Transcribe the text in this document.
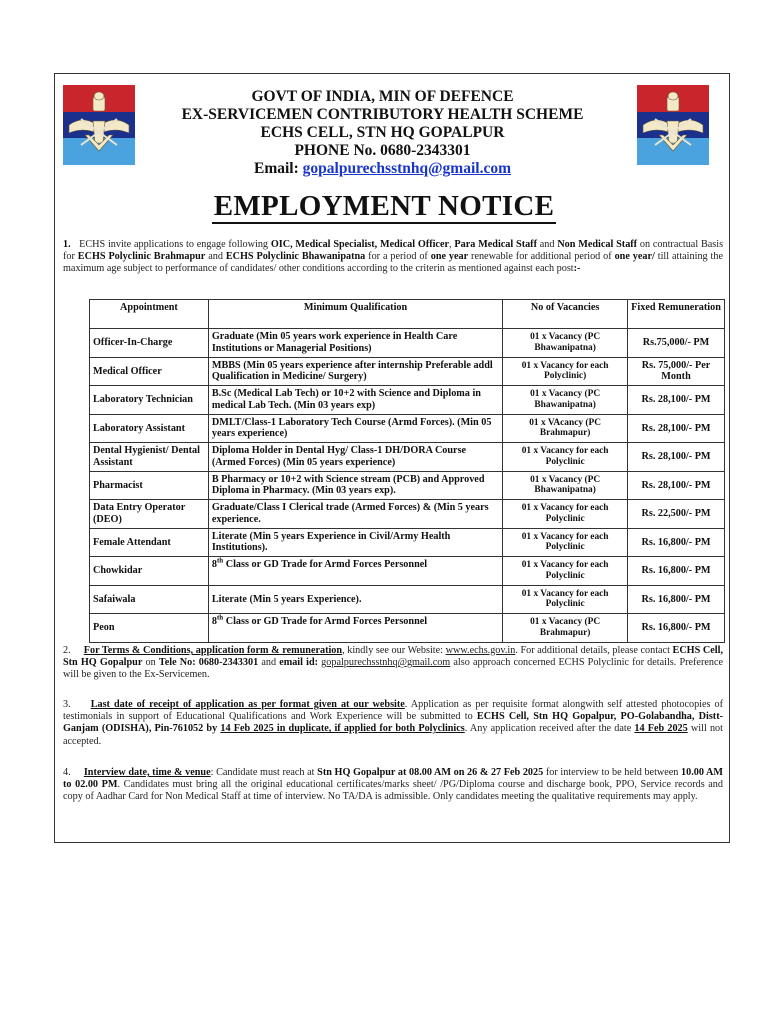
GOVT OF INDIA, MIN OF DEFENCE
EX-SERVICEMEN CONTRIBUTORY HEALTH SCHEME
ECHS CELL, STN HQ GOPALPUR
PHONE No. 0680-2343301
Email: gopalpurechsstnhq@gmail.com
EMPLOYMENT NOTICE
1. ECHS invite applications to engage following OIC, Medical Specialist, Medical Officer, Para Medical Staff and Non Medical Staff on contractual Basis for ECHS Polyclinic Brahmapur and ECHS Polyclinic Bhawanipatna for a period of one year renewable for additional period of one year/ till attaining the maximum age subject to performance of candidates/ other conditions according to the criterin as mentioned against each post:-
Appointment	Minimum Qualification	No of Vacancies	Fixed Remuneration
Officer-In-Charge	Graduate (Min 05 years work experience in Health Care Institutions or Managerial Positions)	01 x Vacancy (PC Bhawanipatna)	Rs.75,000/- PM
Medical Officer	MBBS (Min 05 years experience after internship Preferable addl Qualification in Medicine/ Surgery)	01 x Vacancy for each Polyclinic)	Rs. 75,000/- Per Month
Laboratory Technician	B.Sc (Medical Lab Tech) or 10+2 with Science and Diploma in medical Lab Tech. (Min 03 years exp)	01 x Vacancy (PC Bhawanipatna)	Rs. 28,100/- PM
Laboratory Assistant	DMLT/Class-1 Laboratory Tech Course (Armd Forces). (Min 05 years experience)	01 x VAcancy (PC Brahmapur)	Rs. 28,100/- PM
Dental Hygienist/ Dental Assistant	Diploma Holder in Dental Hyg/ Class-1 DH/DORA Course (Armed Forces) (Min 05 years experience)	01 x Vacancy for each Polyclinic	Rs. 28,100/- PM
Pharmacist	B Pharmacy or 10+2 with Science stream (PCB) and Approved Diploma in Pharmacy. (Min 03 years exp).	01 x Vacancy (PC Bhawanipatna)	Rs. 28,100/- PM
Data Entry Operator (DEO)	Graduate/Class I Clerical trade (Armed Forces) & (Min 5 years experience.	01 x Vacancy for each Polyclinic	Rs. 22,500/- PM
Female Attendant	Literate (Min 5 years Experience in Civil/Army Health Institutions).	01 x Vacancy for each Polyclinic	Rs. 16,800/- PM
Chowkidar	8th Class or GD Trade for Armd Forces Personnel	01 x Vacancy for each Polyclinic	Rs. 16,800/- PM
Safaiwala	Literate (Min 5 years Experience).	01 x Vacancy for each Polyclinic	Rs. 16,800/- PM
Peon	8th Class or GD Trade for Armd Forces Personnel	01 x Vacancy (PC Brahmapur)	Rs. 16,800/- PM
2. For Terms & Conditions, application form & remuneration, kindly see our Website: www.echs.gov.in. For additional details, please contact ECHS Cell, Stn HQ Gopalpur on Tele No: 0680-2343301 and email id: gopalpurechsstnhq@gmail.com also approach concerned ECHS Polyclinic for details. Preference will be given to the Ex-Servicemen.
3. Last date of receipt of application as per format given at our website. Application as per requisite format alongwith self attested photocopies of testimonials in support of Educational Qualifications and Work Experience will be submitted to ECHS Cell, Stn HQ Gopalpur, PO-Golabandha, Distt-Ganjam (ODISHA), Pin-761052 by 14 Feb 2025 in duplicate, if applied for both Polyclinics. Any application received after the date 14 Feb 2025 will not accepted.
4. Interview date, time & venue: Candidate must reach at Stn HQ Gopalpur at 08.00 AM on 26 & 27 Feb 2025 for interview to be held between 10.00 AM to 02.00 PM. Candidates must bring all the original educational certificates/marks sheet/ /PG/Diploma course and discharge book, PPO, Service records and copy of Aadhar Card for Non Medical Staff at time of interview. No TA/DA is admissible. Only candidates meeting the qualitative requirements may apply.
